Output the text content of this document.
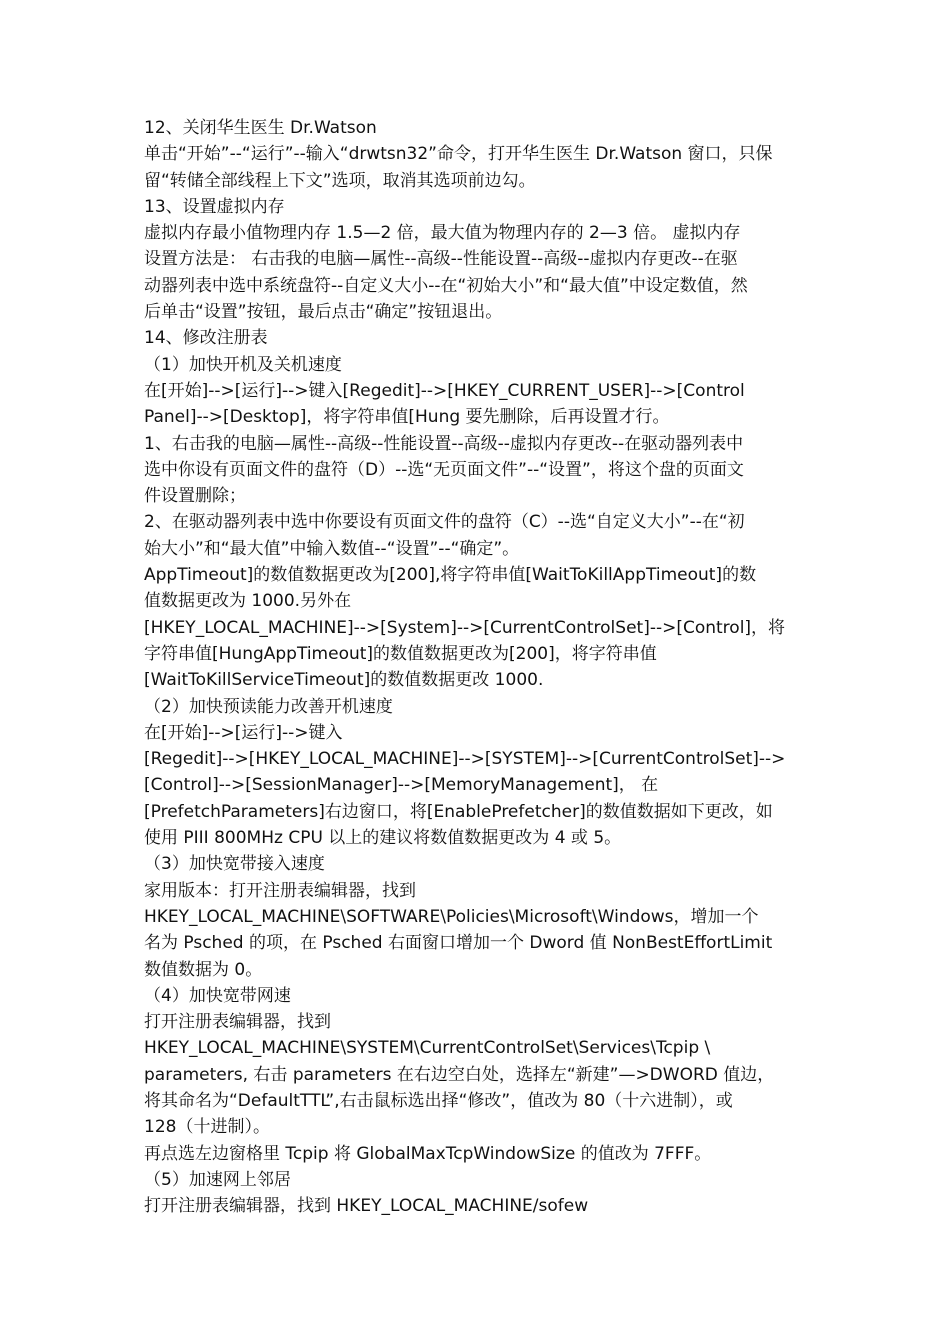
12、关闭华生医生 Dr.Watson
单击“开始”--“运行”--输入“drwtsn32”命令，打开华生医生 Dr.Watson 窗口，只保
留“转储全部线程上下文”选项，取消其选项前边勾。
13、设置虚拟内存
虚拟内存最小值物理内存 1.5—2 倍，最大值为物理内存的 2—3 倍。 虚拟内存
设置方法是： 右击我的电脑—属性--高级--性能设置--高级--虚拟内存更改--在驱
动器列表中选中系统盘符--自定义大小--在“初始大小”和“最大值”中设定数值，然
后单击“设置”按钮，最后点击“确定”按钮退出。
14、修改注册表
（1）加快开机及关机速度
在[开始]-->[运行]-->键入[Regedit]-->[HKEY_CURRENT_USER]-->[Control
Panel]-->[Desktop]，将字符串值[Hung 要先删除，后再设置才行。
1、右击我的电脑—属性--高级--性能设置--高级--虚拟内存更改--在驱动器列表中
选中你设有页面文件的盘符（D）--选“无页面文件”--“设置”，将这个盘的页面文
件设置删除；
2、在驱动器列表中选中你要设有页面文件的盘符（C）--选“自定义大小”--在“初
始大小”和“最大值”中输入数值--“设置”--“确定”。
AppTimeout]的数值数据更改为[200],将字符串值[WaitToKillAppTimeout]的数
值数据更改为 1000.另外在
[HKEY_LOCAL_MACHINE]-->[System]-->[CurrentControlSet]-->[Control]，将
字符串值[HungAppTimeout]的数值数据更改为[200]，将字符串值
[WaitToKillServiceTimeout]的数值数据更改 1000.
（2）加快预读能力改善开机速度
在[开始]-->[运行]-->键入
[Regedit]-->[HKEY_LOCAL_MACHINE]-->[SYSTEM]-->[CurrentControlSet]-->
[Control]-->[SessionManager]-->[MemoryManagement]， 在
[PrefetchParameters]右边窗口，将[EnablePrefetcher]的数值数据如下更改，如
使用 PIII 800MHz CPU 以上的建议将数值数据更改为 4 或 5。
（3）加快宽带接入速度
家用版本：打开注册表编辑器，找到
HKEY_LOCAL_MACHINE\SOFTWARE\Policies\Microsoft\Windows，增加一个
名为 Psched 的项，在 Psched 右面窗口增加一个 Dword 值 NonBestEffortLimit
数值数据为 0。
（4）加快宽带网速
打开注册表编辑器，找到
HKEY_LOCAL_MACHINE\SYSTEM\CurrentControlSet\Services\Tcpip \
parameters, 右击 parameters 在右边空白处，选择左“新建”—>DWORD 值边，
将其命名为“DefaultTTL”,右击鼠标选出择“修改”，值改为 80（十六进制），或
128（十进制）。
再点选左边窗格里 Tcpip 将 GlobalMaxTcpWindowSize 的值改为 7FFF。
（5）加速网上邻居
打开注册表编辑器，找到 HKEY_LOCAL_MACHINE/sofew
